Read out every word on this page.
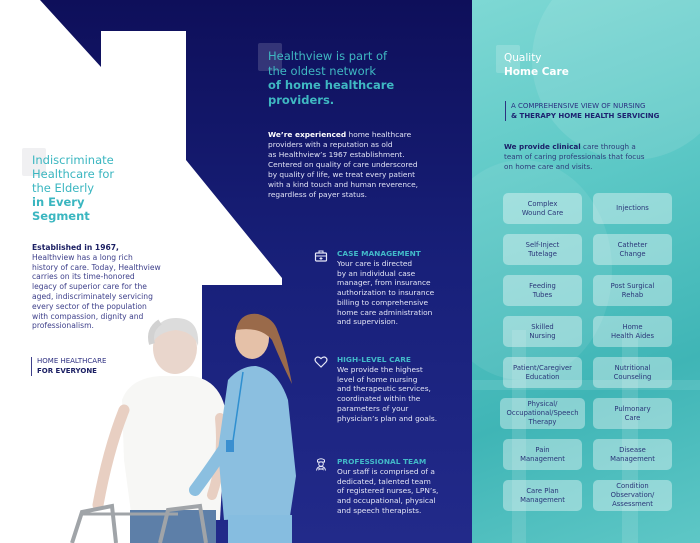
Indiscriminate
Healthcare for
the Elderly
in Every
Segment
Established in 1967,
Healthview has a long rich
history of care. Today, Healthview
carries on its time-honored
legacy of superior care for the
aged, indiscriminately servicing
every sector of the population
with compassion, dignity and
professionalism.
HOME HEALTHCARE
FOR EVERYONE
Healthview is part of
the oldest network
of home healthcare
providers.
We’re experienced home healthcare
providers with a reputation as old
as Healthview’s 1967 establishment.
Centered on quality of care underscored
by quality of life, we treat every patient
with a kind touch and human reverence,
regardless of payer status.
CASE MANAGEMENT
Your care is directed
by an individual case
manager, from insurance
authorization to insurance
billing to comprehensive
home care administration
and supervision.
HIGH-LEVEL CARE
We provide the highest
level of home nursing
and therapeutic services,
coordinated within the
parameters of your
physician’s plan and goals.
PROFESSIONAL TEAM
Our staff is comprised of a
dedicated, talented team
of registered nurses, LPN’s,
and occupational, physical
and speech therapists.
Quality
Home Care
A COMPREHENSIVE VIEW OF NURSING
& THERAPY HOME HEALTH SERVICING
We provide clinical care through a
team of caring professionals that focus
on home care and visits.
Complex
Wound Care
Injections
Self-Inject
Tutelage
Catheter
Change
Feeding
Tubes
Post Surgical
Rehab
Skilled
Nursing
Home
Health Aides
Patient/Caregiver
Education
Nutritional
Counseling
Physical/
Occupational/Speech
Therapy
Pulmonary
Care
Pain
Management
Disease
Management
Care Plan
Management
Condition
Observation/
Assessment
